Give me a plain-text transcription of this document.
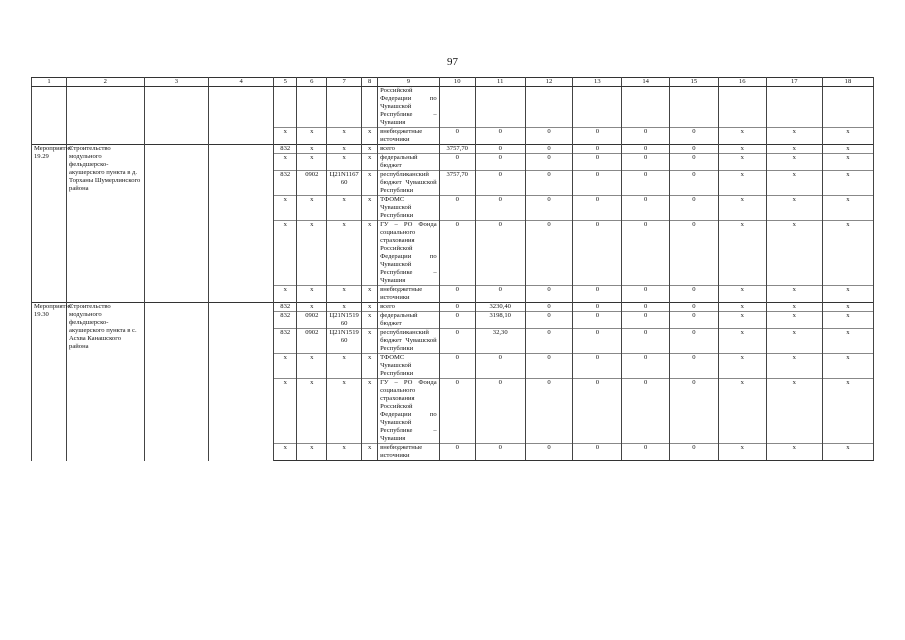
97
1	2	3	4	5	6	7	8	9	10	11	12	13	14	15	16	17	18
								Российской Федерации по Чувашской Республике – Чувашия									
				x	x	x	x	внебюджетные источники	0	0	0	0	0	0	x	x	x
Мероприятие 19.29	Строительство модульного фельдшерско-акушерского пункта в д. Торханы Шумерлинского района			832	x	x	x	всего	3757,70	0	0	0	0	0	x	x	x
				x	x	x	x	федеральный бюджет	0	0	0	0	0	0	x	x	x
				832	0902	Ц21N1167 60	x	республиканский бюджет Чувашской Республики	3757,70	0	0	0	0	0	x	x	x
				x	x	x	x	ТФОМС Чувашской Республики	0	0	0	0	0	0	x	x	x
				x	x	x	x	ГУ – РО Фонда социального страхования Российской Федерации по Чувашской Республике – Чувашия	0	0	0	0	0	0	x	x	x
				x	x	x	x	внебюджетные источники	0	0	0	0	0	0	x	x	x
Мероприятие 19.30	Строительство модульного фельдшерско-акушерского пункта в с. Асхва Канашского района			832	x	x	x	всего	0	3230,40	0	0	0	0	x	x	x
				832	0902	Ц21N1519 60	x	федеральный бюджет	0	3198,10	0	0	0	0	x	x	x
				832	0902	Ц21N1519 60	x	республиканский бюджет Чувашской Республики	0	32,30	0	0	0	0	x	x	x
				x	x	x	x	ТФОМС Чувашской Республики	0	0	0	0	0	0	x	x	x
				x	x	x	x	ГУ – РО Фонда социального страхования Российской Федерации по Чувашской Республике – Чувашия	0	0	0	0	0	0	x	x	x
				x	x	x	x	внебюджетные источники	0	0	0	0	0	0	x	x	x
